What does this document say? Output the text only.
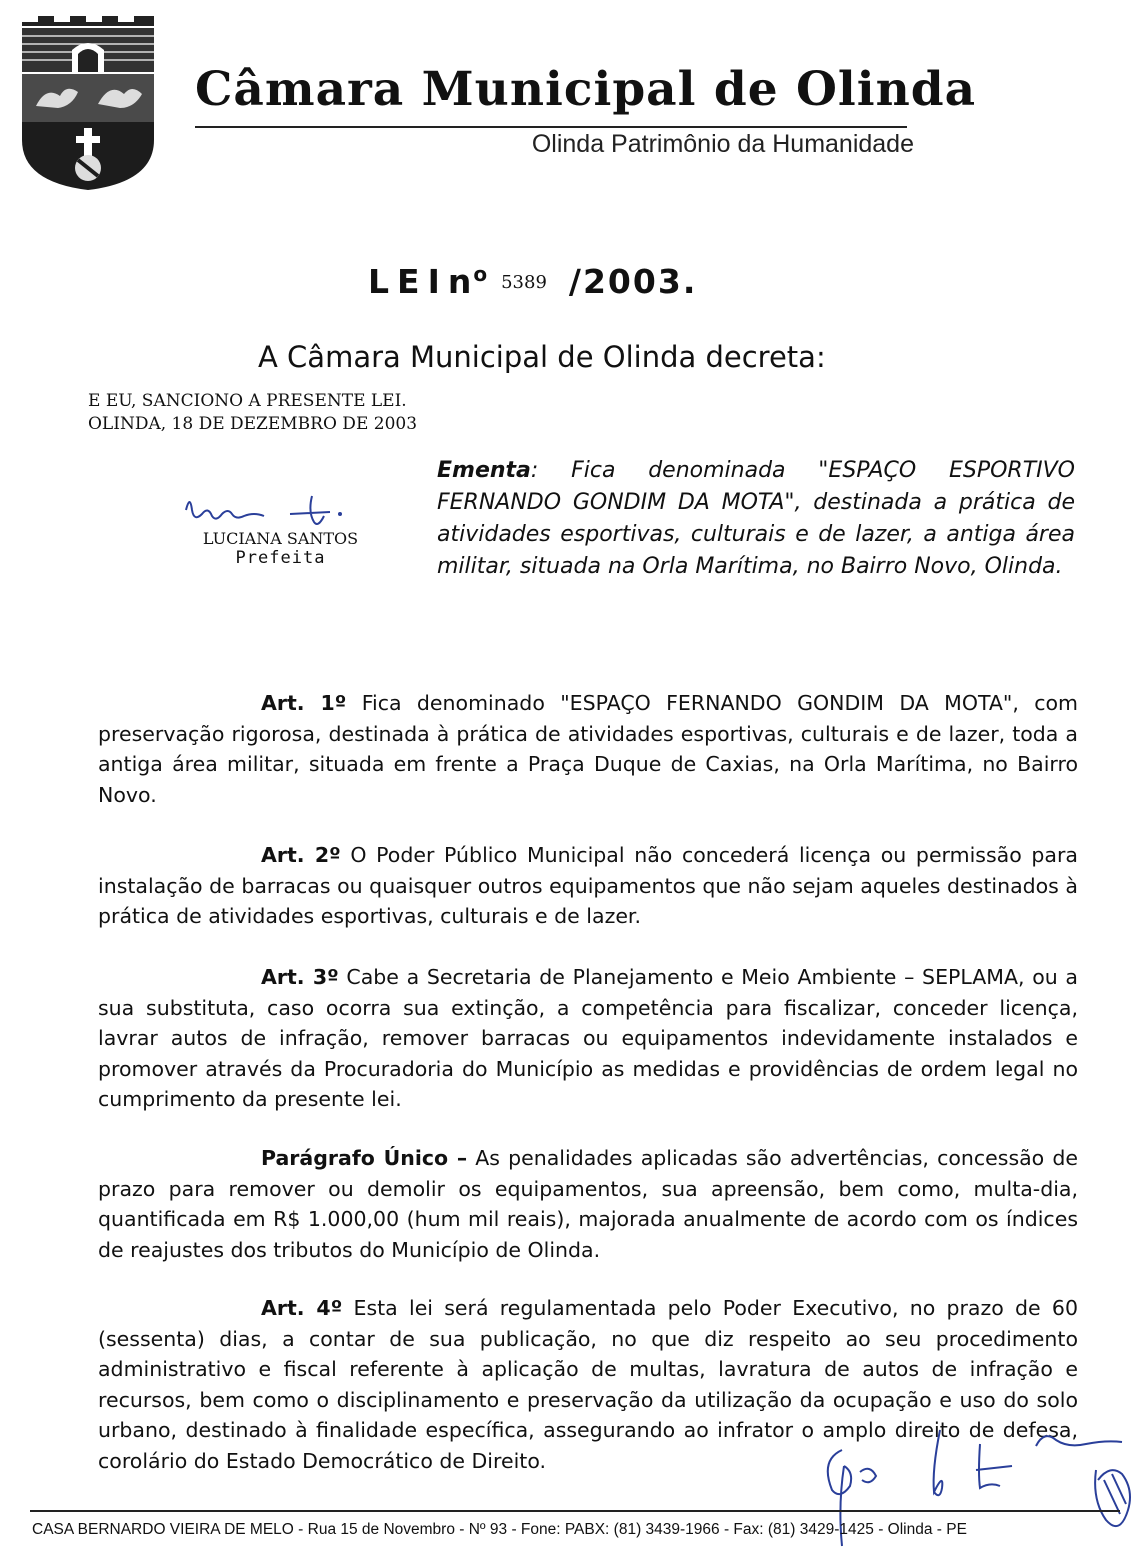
Câmara Municipal de Olinda
Olinda Patrimônio da Humanidade
LEIn$^o$ 5389 /2003.
A Câmara Municipal de Olinda decreta:
E EU, SANCIONO A PRESENTE LEI.
OLINDA, 18 DE DEZEMBRO DE 2003
LUCIANA SANTOS
Prefeita
Ementa: Fica denominada "ESPAÇO ESPORTIVO FERNANDO GONDIM DA MOTA", destinada a prática de atividades esportivas, culturais e de lazer, a antiga área militar, situada na Orla Marítima, no Bairro Novo, Olinda.

Art. 1º Fica denominado "ESPAÇO FERNANDO GONDIM DA MOTA", com preservação rigorosa, destinada à prática de atividades esportivas, culturais e de lazer, toda a antiga área militar, situada em frente a Praça Duque de Caxias, na Orla Marítima, no Bairro Novo.

Art. 2º O Poder Público Municipal não concederá licença ou permissão para instalação de barracas ou quaisquer outros equipamentos que não sejam aqueles destinados à prática de atividades esportivas, culturais e de lazer.

Art. 3º Cabe a Secretaria de Planejamento e Meio Ambiente – SEPLAMA, ou a sua substituta, caso ocorra sua extinção, a competência para fiscalizar, conceder licença, lavrar autos de infração, remover barracas ou equipamentos indevidamente instalados e promover através da Procuradoria do Município as medidas e providências de ordem legal no cumprimento da presente lei.

Parágrafo Único – As penalidades aplicadas são advertências, concessão de prazo para remover ou demolir os equipamentos, sua apreensão, bem como, multa-dia, quantificada em R$ 1.000,00 (hum mil reais), majorada anualmente de acordo com os índices de reajustes dos tributos do Município de Olinda.

Art. 4º Esta lei será regulamentada pelo Poder Executivo, no prazo de 60 (sessenta) dias, a contar de sua publicação, no que diz respeito ao seu procedimento administrativo e fiscal referente à aplicação de multas, lavratura de autos de infração e recursos, bem como o disciplinamento e preservação da utilização da ocupação e uso do solo urbano, destinado à finalidade específica, assegurando ao infrator o amplo direito de defesa, corolário do Estado Democrático de Direito.

CASA BERNARDO VIEIRA DE MELO - Rua 15 de Novembro - Nº 93 - Fone: PABX: (81) 3439-1966 - Fax: (81) 3429-1425 - Olinda - PE
